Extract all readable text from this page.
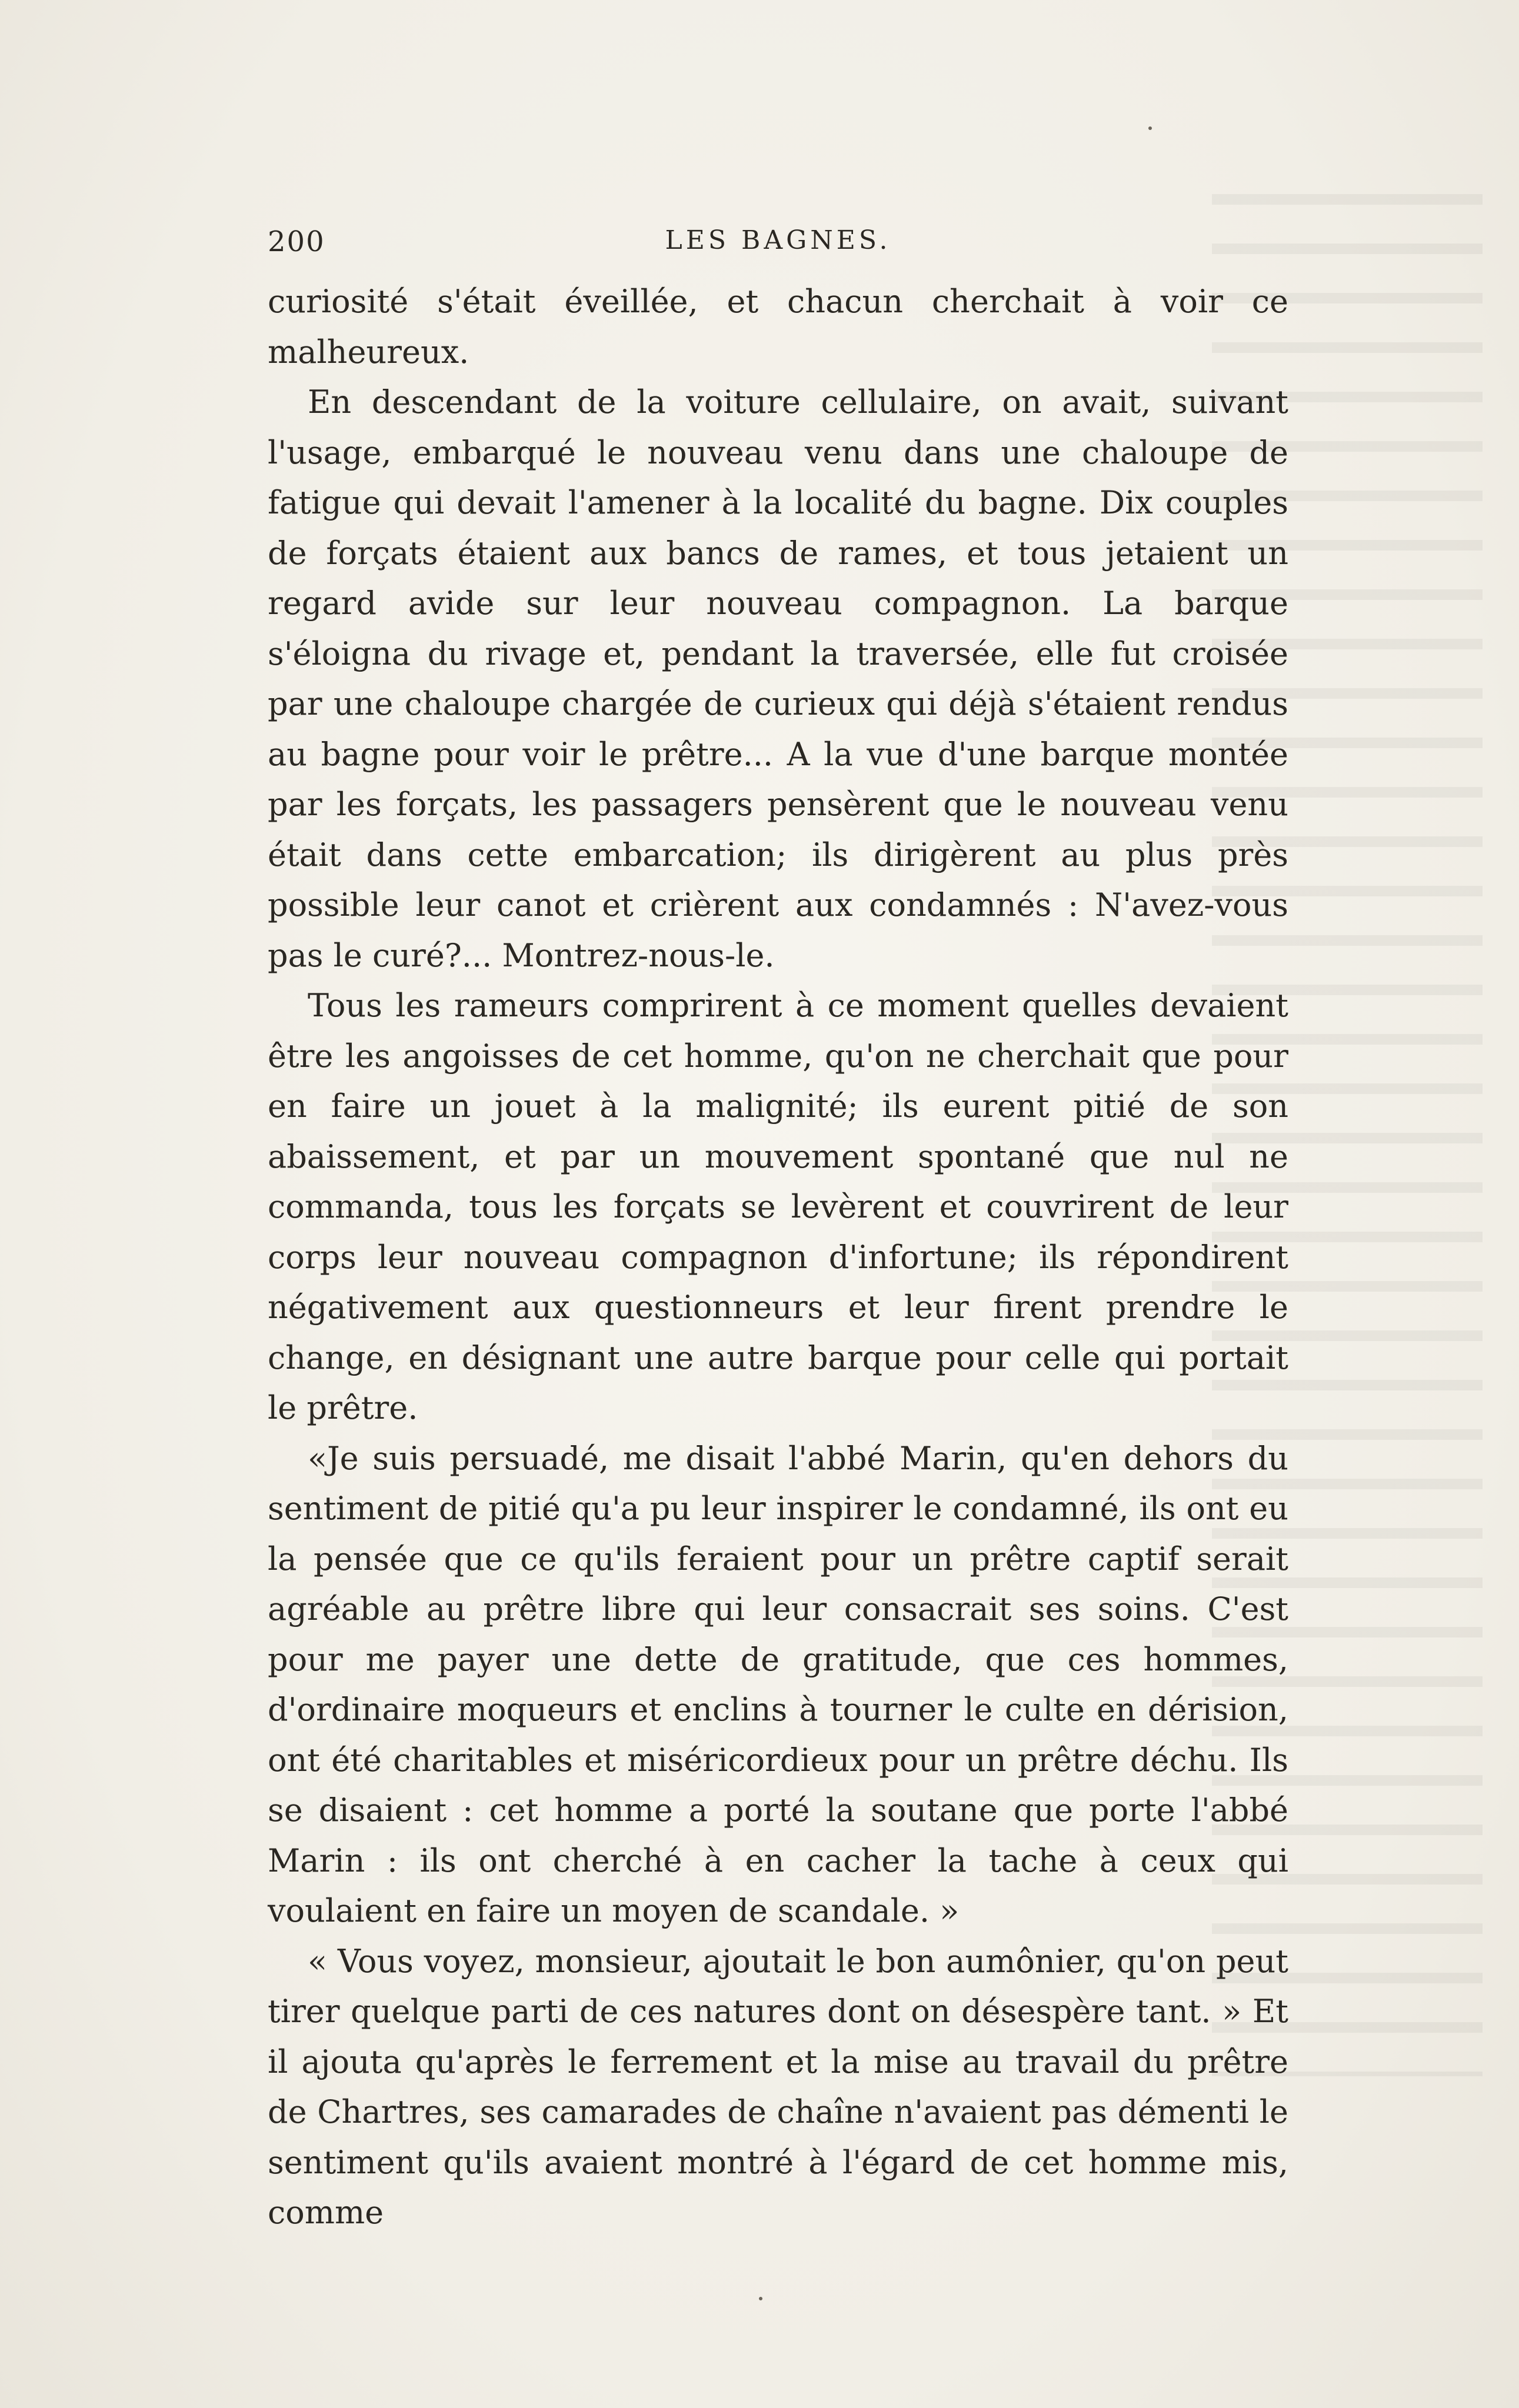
200	LES BAGNES.

curiosité s'était éveillée, et chacun cherchait à voir ce malheureux.

En descendant de la voiture cellulaire, on avait, suivant l'usage, embarqué le nouveau venu dans une chaloupe de fatigue qui devait l'amener à la localité du bagne. Dix couples de forçats étaient aux bancs de rames, et tous jetaient un regard avide sur leur nouveau compagnon. La barque s'éloigna du rivage et, pendant la traversée, elle fut croisée par une chaloupe chargée de curieux qui déjà s'étaient rendus au bagne pour voir le prêtre... A la vue d'une barque montée par les forçats, les passagers pensèrent que le nouveau venu était dans cette embarcation; ils dirigèrent au plus près possible leur canot et crièrent aux condamnés : N'avez-vous pas le curé?... Montrez-nous-le.

Tous les rameurs comprirent à ce moment quelles devaient être les angoisses de cet homme, qu'on ne cherchait que pour en faire un jouet à la malignité; ils eurent pitié de son abaissement, et par un mouvement spontané que nul ne commanda, tous les forçats se levèrent et couvrirent de leur corps leur nouveau compagnon d'infortune; ils répondirent négativement aux questionneurs et leur firent prendre le change, en désignant une autre barque pour celle qui portait le prêtre.

«Je suis persuadé, me disait l'abbé Marin, qu'en dehors du sentiment de pitié qu'a pu leur inspirer le condamné, ils ont eu la pensée que ce qu'ils feraient pour un prêtre captif serait agréable au prêtre libre qui leur consacrait ses soins. C'est pour me payer une dette de gratitude, que ces hommes, d'ordinaire moqueurs et enclins à tourner le culte en dérision, ont été charitables et miséricordieux pour un prêtre déchu. Ils se disaient : cet homme a porté la soutane que porte l'abbé Marin : ils ont cherché à en cacher la tache à ceux qui voulaient en faire un moyen de scandale. »

« Vous voyez, monsieur, ajoutait le bon aumônier, qu'on peut tirer quelque parti de ces natures dont on désespère tant. » Et il ajouta qu'après le ferrement et la mise au travail du prêtre de Chartres, ses camarades de chaîne n'avaient pas démenti le sentiment qu'ils avaient montré à l'égard de cet homme mis, comme
